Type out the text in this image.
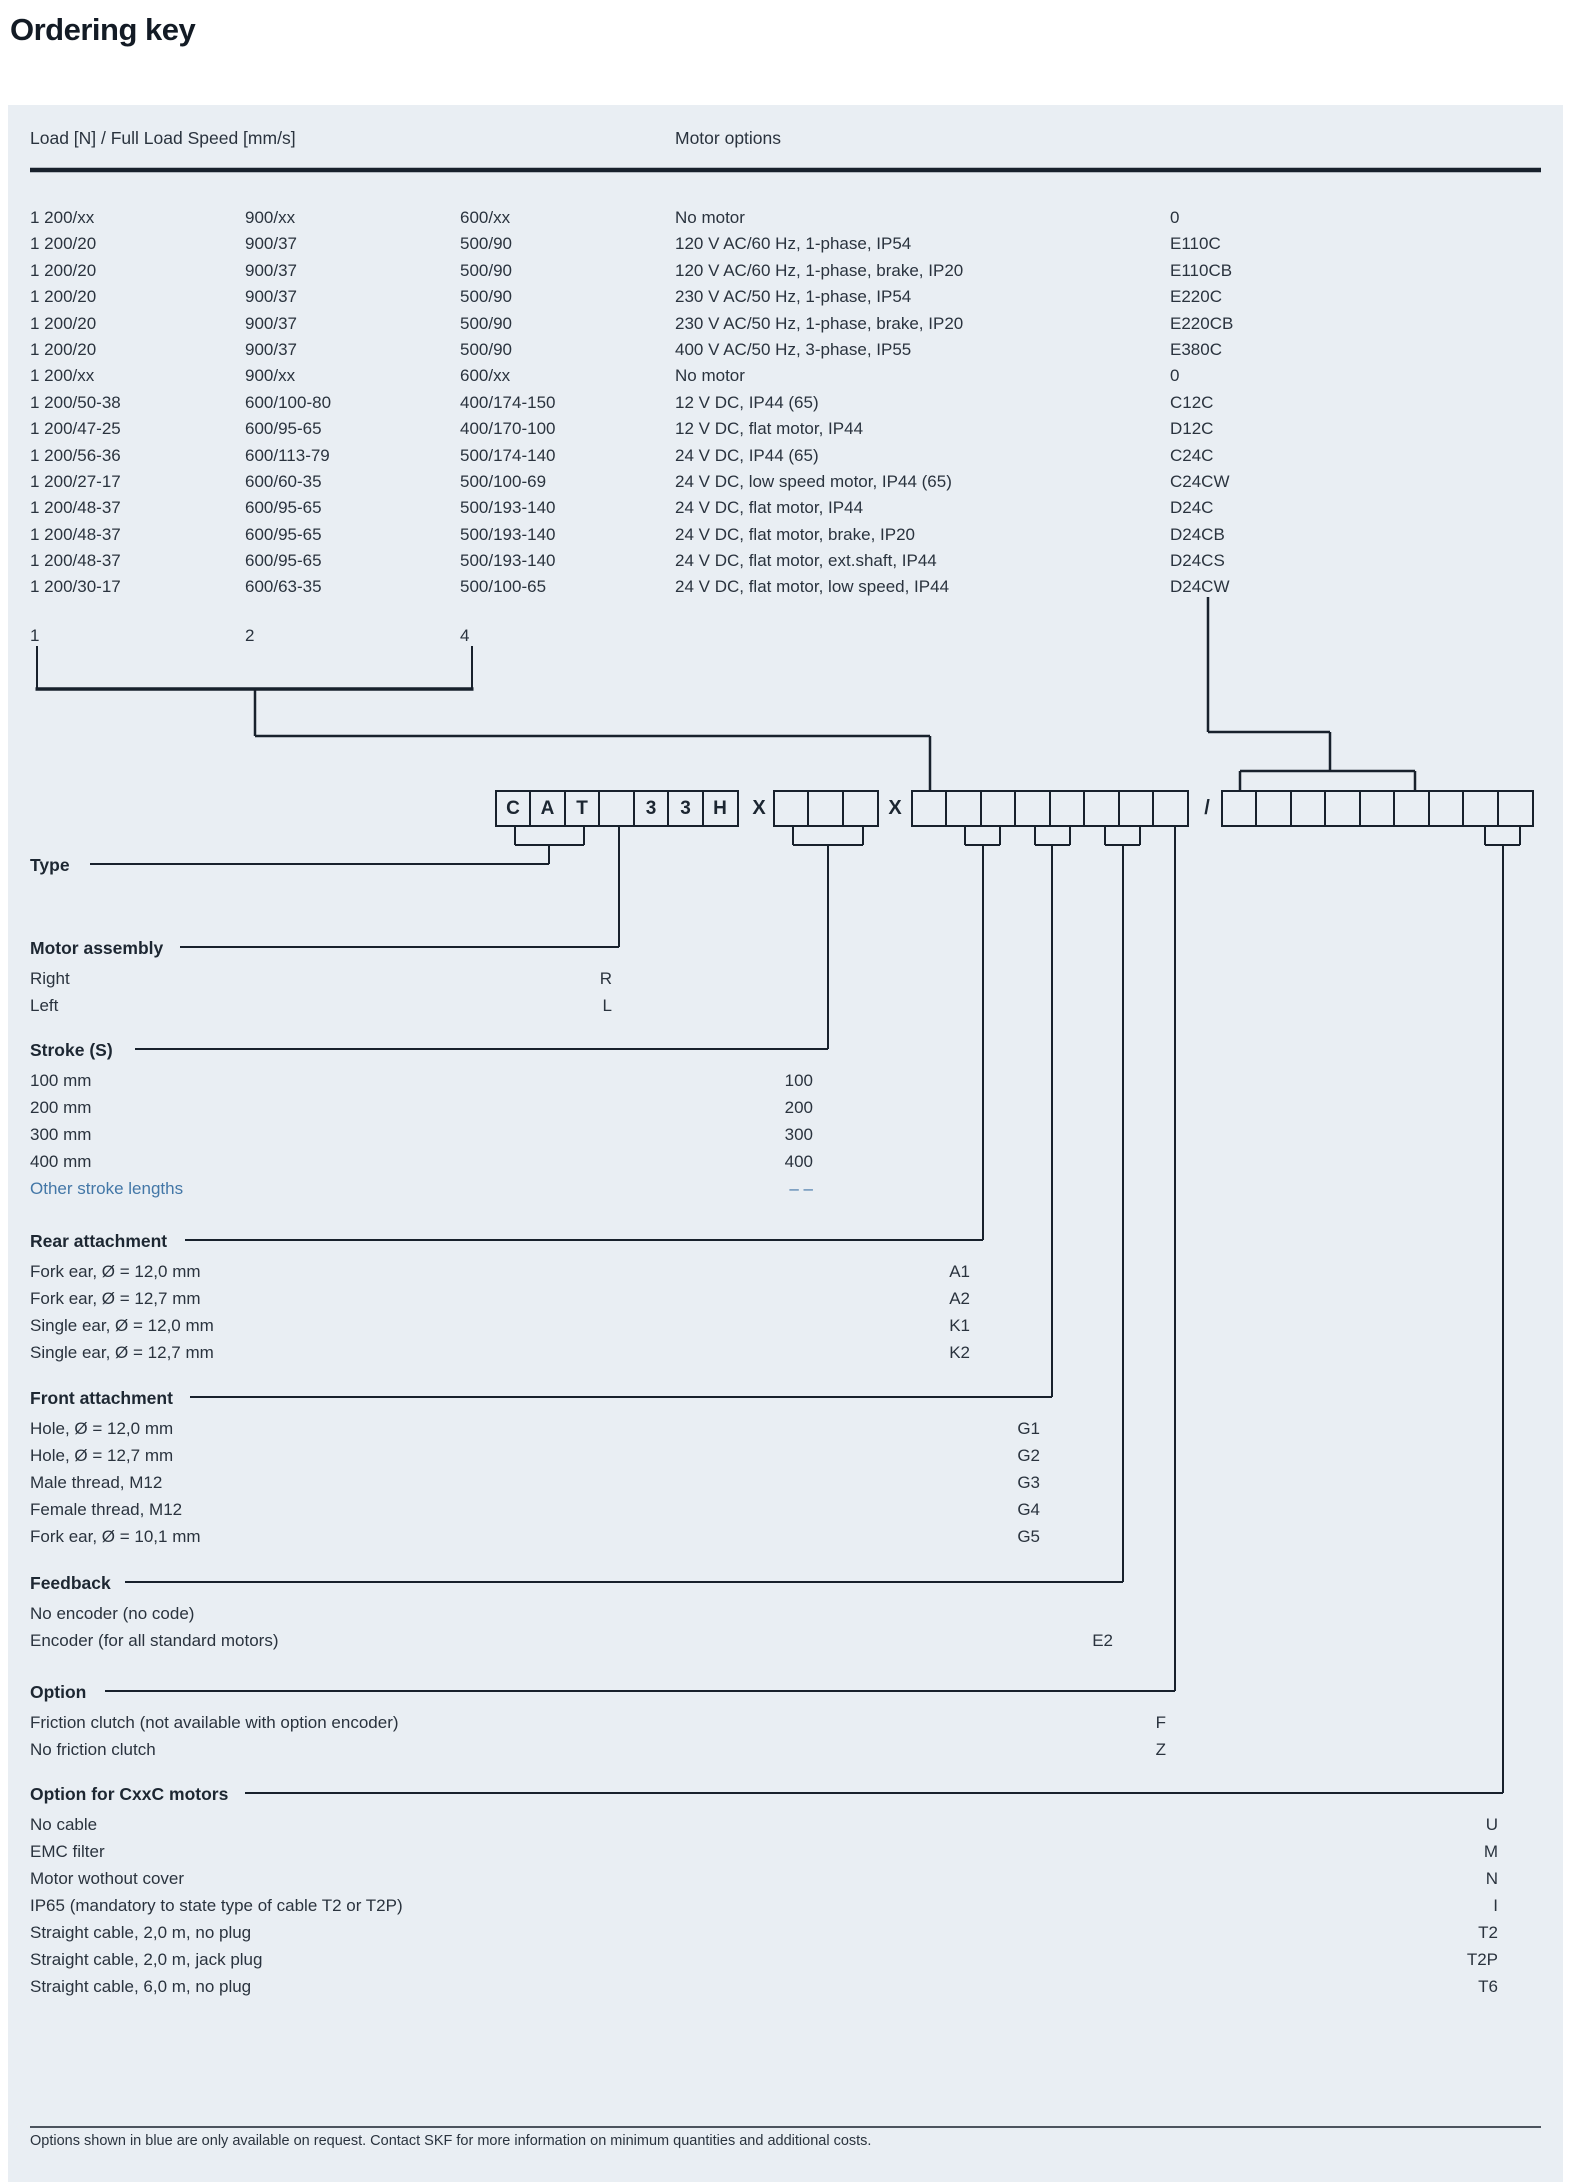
Ordering key
Load [N] / Full Load Speed [mm/s]	Motor options
1 200/xx	900/xx	600/xx	No motor	0
1 200/20	900/37	500/90	120 V AC/60 Hz, 1-phase, IP54	E110C
1 200/20	900/37	500/90	120 V AC/60 Hz, 1-phase, brake, IP20	E110CB
1 200/20	900/37	500/90	230 V AC/50 Hz, 1-phase, IP54	E220C
1 200/20	900/37	500/90	230 V AC/50 Hz, 1-phase, brake, IP20	E220CB
1 200/20	900/37	500/90	400 V AC/50 Hz, 3-phase, IP55	E380C
1 200/xx	900/xx	600/xx	No motor	0
1 200/50-38	600/100-80	400/174-150	12 V DC, IP44 (65)	C12C
1 200/47-25	600/95-65	400/170-100	12 V DC, flat motor, IP44	D12C
1 200/56-36	600/113-79	500/174-140	24 V DC, IP44 (65)	C24C
1 200/27-17	600/60-35	500/100-69	24 V DC, low speed motor, IP44 (65)	C24CW
1 200/48-37	600/95-65	500/193-140	24 V DC, flat motor, IP44	D24C
1 200/48-37	600/95-65	500/193-140	24 V DC, flat motor, brake, IP20	D24CB
1 200/48-37	600/95-65	500/193-140	24 V DC, flat motor, ext.shaft, IP44	D24CS
1 200/30-17	600/63-35	500/100-65	24 V DC, flat motor, low speed, IP44	D24CW
1	2	4
C	A	T	3	3	H	X	X	/
Type
Motor assembly
Right	R
Left	L
Stroke (S)
100 mm	100
200 mm	200
300 mm	300
400 mm	400
Other stroke lengths	– –
Rear attachment
Fork ear, Ø = 12,0 mm	A1
Fork ear, Ø = 12,7 mm	A2
Single ear, Ø = 12,0 mm	K1
Single ear, Ø = 12,7 mm	K2
Front attachment
Hole, Ø = 12,0 mm	G1
Hole, Ø = 12,7 mm	G2
Male thread, M12	G3
Female thread, M12	G4
Fork ear, Ø = 10,1 mm	G5
Feedback
No encoder (no code)
Encoder (for all standard motors)	E2
Option
Friction clutch (not available with option encoder)	F
No friction clutch	Z
Option for CxxC motors
No cable	U
EMC filter	M
Motor wothout cover	N
IP65 (mandatory to state type of cable T2 or T2P)	I
Straight cable, 2,0 m, no plug	T2
Straight cable, 2,0 m, jack plug	T2P
Straight cable, 6,0 m, no plug	T6
Options shown in blue are only available on request. Contact SKF for more information on minimum quantities and additional costs.
